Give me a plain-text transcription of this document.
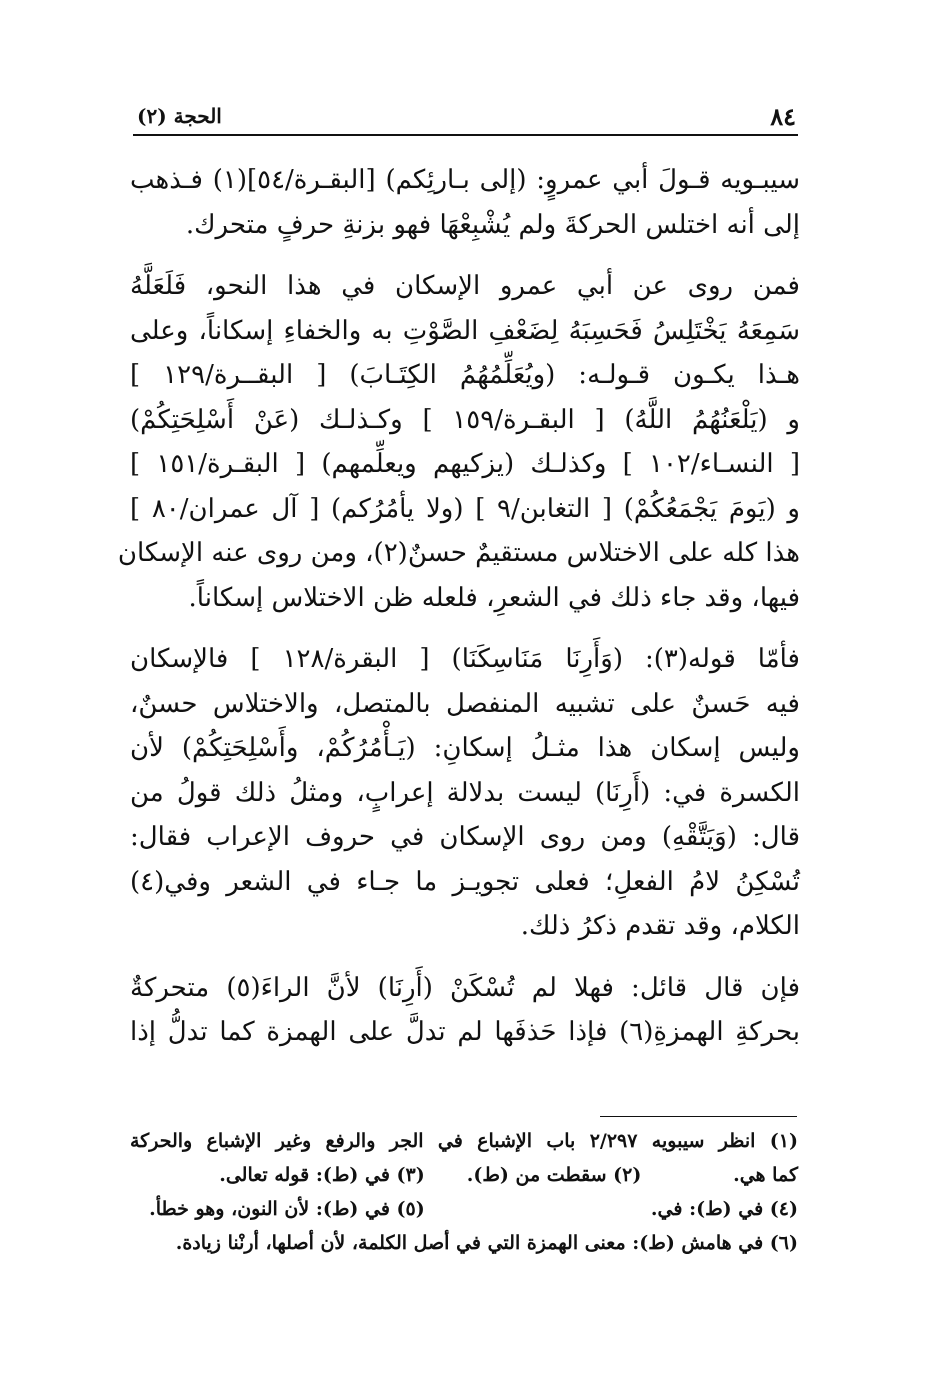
٨٤
الحجة (٢)

سيبـويه قـولَ أبي عمروٍ: (إلى بـارئِكم) [البقـرة/٥٤](١) فـذهب
إلى أنه اختلس الحركةَ ولم يُشْبِعْهَا فهو بزنةِ حرفٍ متحرك.

فمن روى عن أبي عمرو الإسكان في هذا النحو، فَلَعَلَّهُ
سَمِعَهُ يَخْتَلِسُ فَحَسِبَهُ لِضَعْفِ الصَّوْتِ به والخفاءِ إسكاناً، وعلى
هـذا يكـون قـولـه: (ويُعَلِّمُهُمُ الكِتَـابَ) [ البقــرة/١٢٩ ]
و (يَلْعَنُهُمُ اللَّهُ) [ البقـرة/١٥٩ ] وكـذلـك (عَنْ أَسْلِحَتِكُمْ)
[ النسـاء/١٠٢ ] وكذلـك (يزكيهم ويعلِّمهم) [ البقـرة/١٥١ ]
و (يَومَ يَجْمَعُكُمْ) [ التغابن/٩ ] (ولا يأمُرُكم) [ آل عمران/٨٠ ]
هذا كله على الاختلاس مستقيمٌ حسنٌ(٢)، ومن روى عنه الإسكان
فيها، وقد جاء ذلك في الشعرِ، فلعله ظن الاختلاس إسكاناً.

فأمّا قوله(٣): (وَأَرِنَا مَنَاسِكَنَا) [ البقرة/١٢٨ ] فالإسكان
فيه حَسنٌ على تشبيه المنفصل بالمتصل، والاختلاس حسنٌ،
وليس إسكان هذا مثـلُ إسكانِ: (يَـأْمُرُكُمْ، وأَسْلِحَتِكُمْ) لأن
الكسرة في: (أَرِنَا) ليست بدلالة إعرابٍ، ومثلُ ذلك قولُ من
قال: (وَيَتَّقْهِ) ومن روى الإسكان في حروف الإعراب فقال:
تُسْكِنُ لامُ الفعلِ؛ فعلى تجويـز ما جـاء في الشعر وفي(٤)
الكلام، وقد تقدم ذكرُ ذلك.

فإن قال قائل: فهلا لم تُسْكَنْ (أَرِنَا) لأنَّ الراءَ(٥) متحركةٌ
بحركةِ الهمزةِ(٦) فإذا حَذفَها لم تدلَّ على الهمزة كما تدلُّ إذا

(١) انظر سيبويه ٢/٢٩٧ باب الإشباع في الجر والرفع وغير الإشباع والحركة
كما هي. (٢) سقطت من (ط). (٣) في (ط): قوله تعالى.
(٤) في (ط): في.  (٥) في (ط): لأن النون، وهو خطأ.
(٦) في هامش (ط): معنى الهمزة التي في أصل الكلمة، لأن أصلها، أرنْنا زيادة.
